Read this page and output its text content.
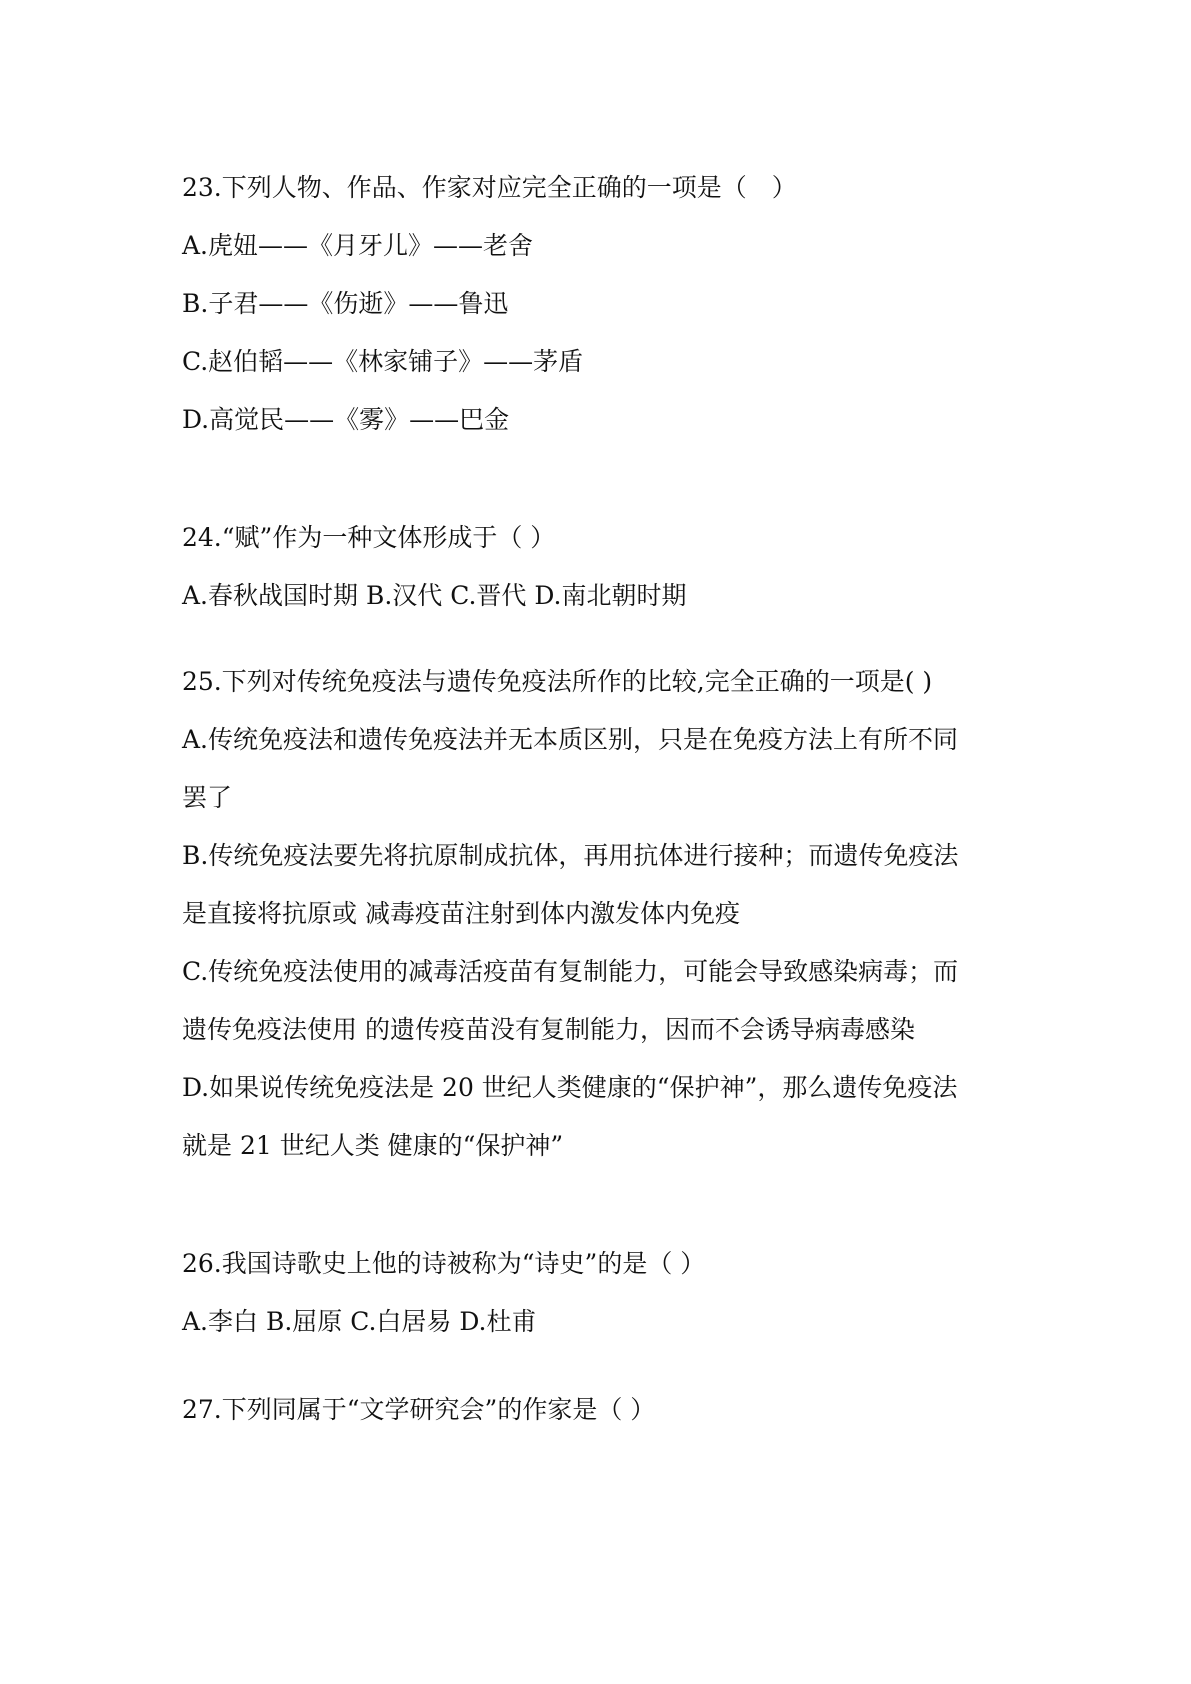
23.下列人物、作品、作家对应完全正确的一项是（　）

A.虎妞——《月牙儿》——老舍

B.子君——《伤逝》——鲁迅

C.赵伯韬——《林家铺子》——茅盾

D.高觉民——《雾》——巴金

24.“赋”作为一种文体形成于（ ）

A.春秋战国时期 B.汉代 C.晋代 D.南北朝时期

25.下列对传统免疫法与遗传免疫法所作的比较,完全正确的一项是( )

A.传统免疫法和遗传免疫法并无本质区别，只是在免疫方法上有所不同

罢了

B.传统免疫法要先将抗原制成抗体，再用抗体进行接种；而遗传免疫法

是直接将抗原或 减毒疫苗注射到体内激发体内免疫

C.传统免疫法使用的减毒活疫苗有复制能力，可能会导致感染病毒；而

遗传免疫法使用 的遗传疫苗没有复制能力，因而不会诱导病毒感染

D.如果说传统免疫法是 20 世纪人类健康的“保护神”，那么遗传免疫法

就是 21 世纪人类 健康的“保护神”

26.我国诗歌史上他的诗被称为“诗史”的是（ ）

A.李白 B.屈原 C.白居易 D.杜甫

27.下列同属于“文学研究会”的作家是（ ）
